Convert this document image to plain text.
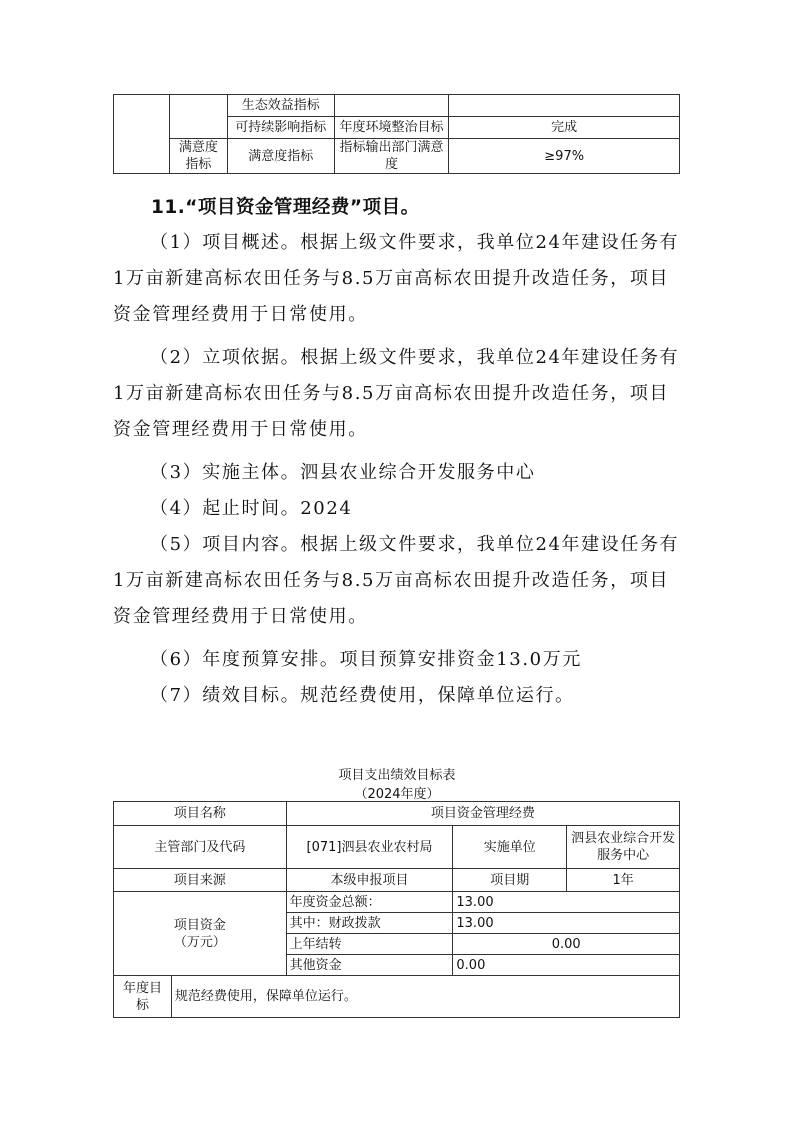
		生态效益指标		
		可持续影响指标	年度环境整治目标	完成
	满意度指标	满意度指标	指标输出部门满意度	≥97%
11.“项目资金管理经费”项目。
（1）项目概述。根据上级文件要求，我单位24年建设任务有1万亩新建高标农田任务与8.5万亩高标农田提升改造任务，项目资金管理经费用于日常使用。
（2）立项依据。根据上级文件要求，我单位24年建设任务有1万亩新建高标农田任务与8.5万亩高标农田提升改造任务，项目资金管理经费用于日常使用。
（3）实施主体。泗县农业综合开发服务中心
（4）起止时间。2024
（5）项目内容。根据上级文件要求，我单位24年建设任务有1万亩新建高标农田任务与8.5万亩高标农田提升改造任务，项目资金管理经费用于日常使用。
（6）年度预算安排。项目预算安排资金13.0万元
（7）绩效目标。规范经费使用，保障单位运行。
项目支出绩效目标表
（2024年度）
项目名称		项目资金管理经费		
主管部门及代码		[071]泗县农业农村局	实施单位	泗县农业综合开发服务中心
项目来源		本级申报项目	项目期	1年

项目资金
（万元）		年度资金总额：	13.00	
		其中：财政拨款	13.00	
		上年结转	0.00	
		其他资金	0.00	
年度目标	规范经费使用，保障单位运行。			
